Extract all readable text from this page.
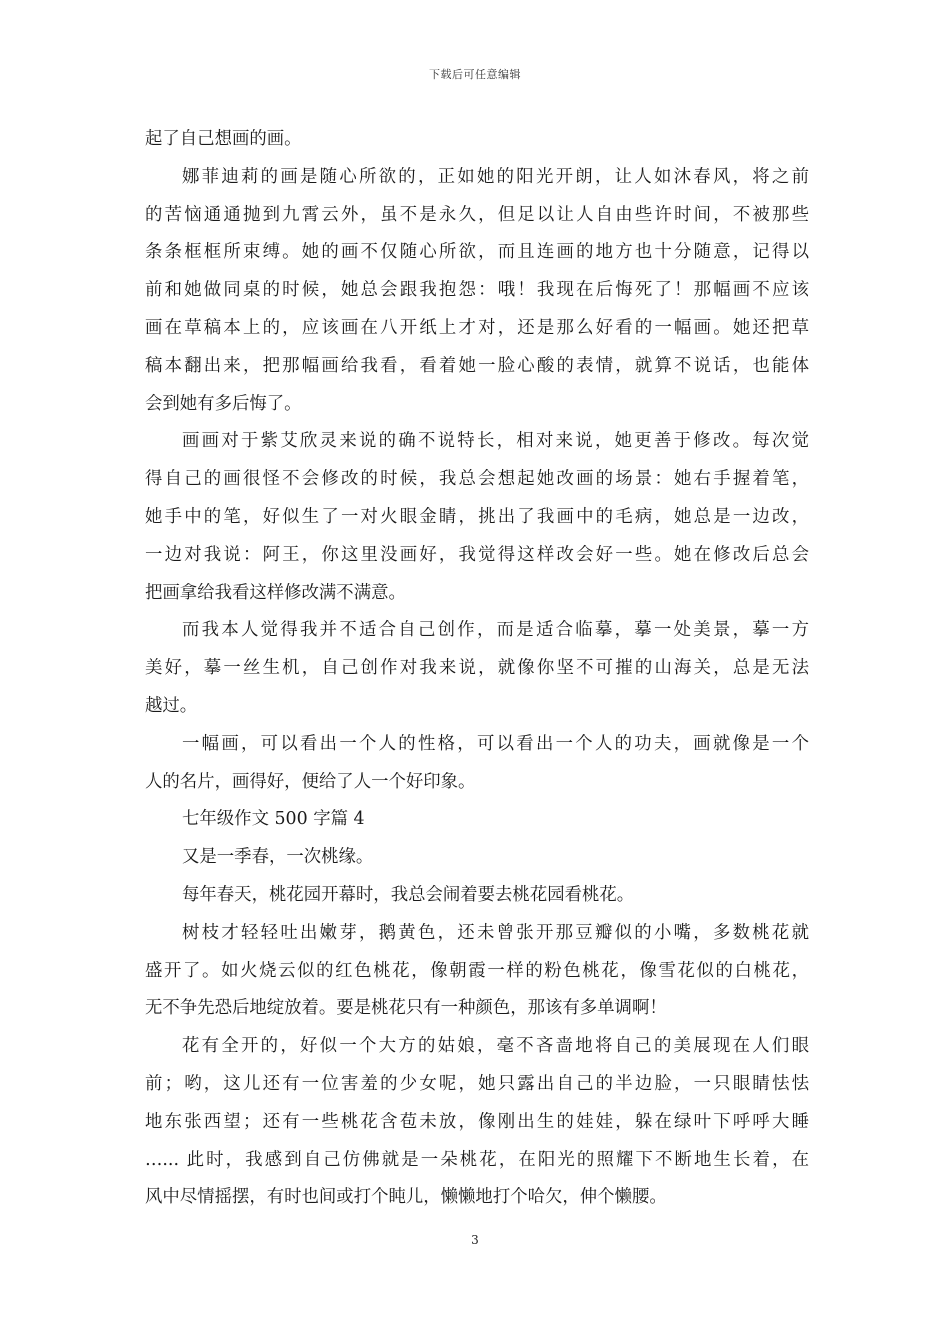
下载后可任意编辑
起了自己想画的画。
娜菲迪莉的画是随心所欲的，正如她的阳光开朗，让人如沐春风，将之前
的苦恼通通抛到九霄云外，虽不是永久，但足以让人自由些许时间，不被那些
条条框框所束缚。她的画不仅随心所欲，而且连画的地方也十分随意，记得以
前和她做同桌的时候，她总会跟我抱怨：哦！我现在后悔死了！那幅画不应该
画在草稿本上的，应该画在八开纸上才对，还是那么好看的一幅画。她还把草
稿本翻出来，把那幅画给我看，看着她一脸心酸的表情，就算不说话，也能体
会到她有多后悔了。
画画对于紫艾欣灵来说的确不说特长，相对来说，她更善于修改。每次觉
得自己的画很怪不会修改的时候，我总会想起她改画的场景：她右手握着笔，
她手中的笔，好似生了一对火眼金睛，挑出了我画中的毛病，她总是一边改，
一边对我说：阿王，你这里没画好，我觉得这样改会好一些。她在修改后总会
把画拿给我看这样修改满不满意。
而我本人觉得我并不适合自己创作，而是适合临摹，摹一处美景，摹一方
美好，摹一丝生机，自己创作对我来说，就像你坚不可摧的山海关，总是无法
越过。
一幅画，可以看出一个人的性格，可以看出一个人的功夫，画就像是一个
人的名片，画得好，便给了人一个好印象。
七年级作文 500 字篇 4
又是一季春，一次桃缘。
每年春天，桃花园开幕时，我总会闹着要去桃花园看桃花。
树枝才轻轻吐出嫩芽，鹅黄色，还未曾张开那豆瓣似的小嘴，多数桃花就
盛开了。如火烧云似的红色桃花，像朝霞一样的粉色桃花，像雪花似的白桃花，
无不争先恐后地绽放着。要是桃花只有一种颜色，那该有多单调啊！
花有全开的，好似一个大方的姑娘，毫不吝啬地将自己的美展现在人们眼
前；哟，这儿还有一位害羞的少女呢，她只露出自己的半边脸，一只眼睛怯怯
地东张西望；还有一些桃花含苞未放，像刚出生的娃娃，躲在绿叶下呼呼大睡
…... 此时，我感到自己仿佛就是一朵桃花，在阳光的照耀下不断地生长着，在
风中尽情摇摆，有时也间或打个盹儿，懒懒地打个哈欠，伸个懒腰。
3
